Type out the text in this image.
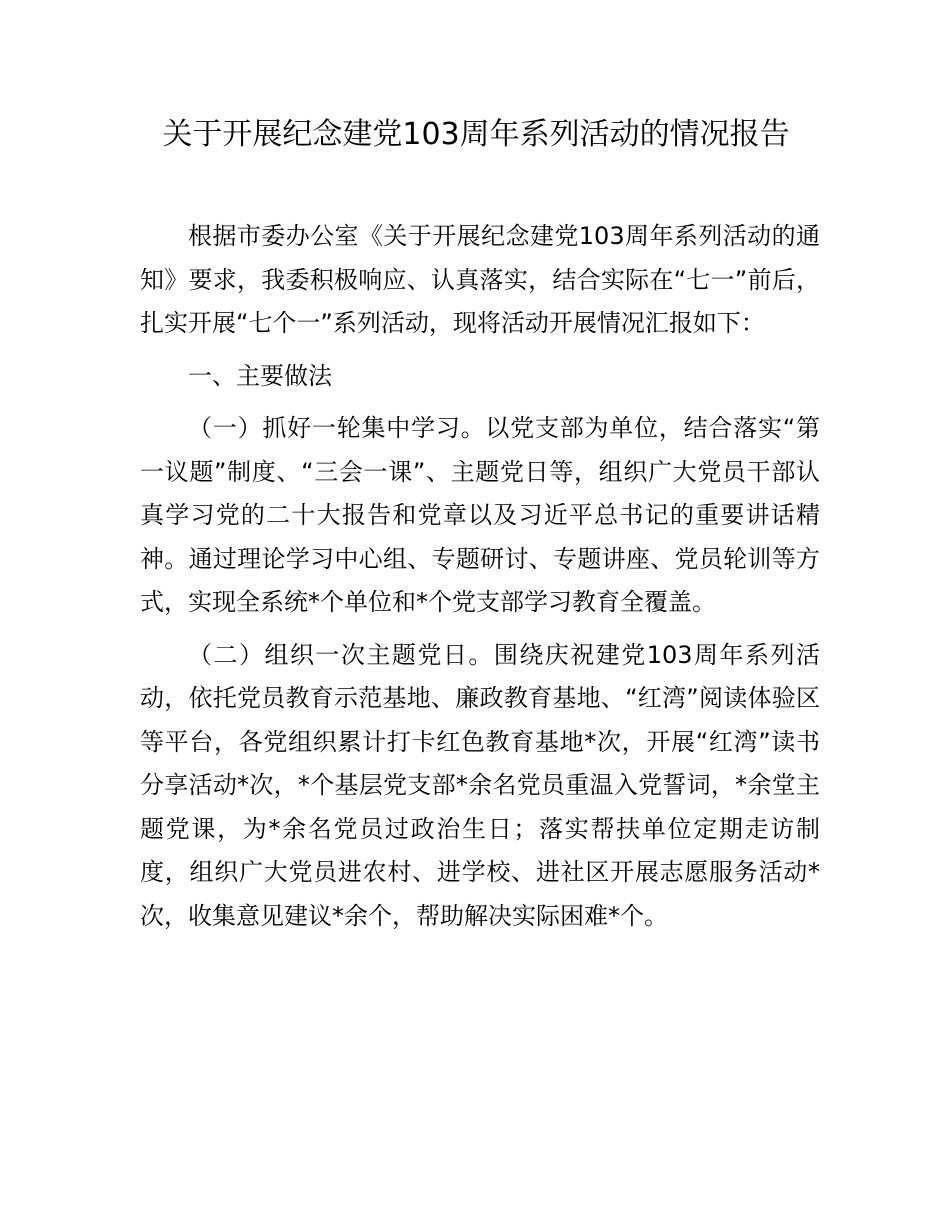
关于开展纪念建党103周年系列活动的情况报告

根据市委办公室《关于开展纪念建党103周年系列活动的通知》要求，我委积极响应、认真落实，结合实际在“七一”前后，扎实开展“七个一”系列活动，现将活动开展情况汇报如下：

一、主要做法

（一）抓好一轮集中学习。以党支部为单位，结合落实“第一议题”制度、“三会一课”、主题党日等，组织广大党员干部认真学习党的二十大报告和党章以及习近平总书记的重要讲话精神。通过理论学习中心组、专题研讨、专题讲座、党员轮训等方式，实现全系统*个单位和*个党支部学习教育全覆盖。

（二）组织一次主题党日。围绕庆祝建党103周年系列活动，依托党员教育示范基地、廉政教育基地、“红湾”阅读体验区等平台，各党组织累计打卡红色教育基地*次，开展“红湾”读书分享活动*次，*个基层党支部*余名党员重温入党誓词，*余堂主题党课，为*余名党员过政治生日；落实帮扶单位定期走访制度，组织广大党员进农村、进学校、进社区开展志愿服务活动*次，收集意见建议*余个，帮助解决实际困难*个。
